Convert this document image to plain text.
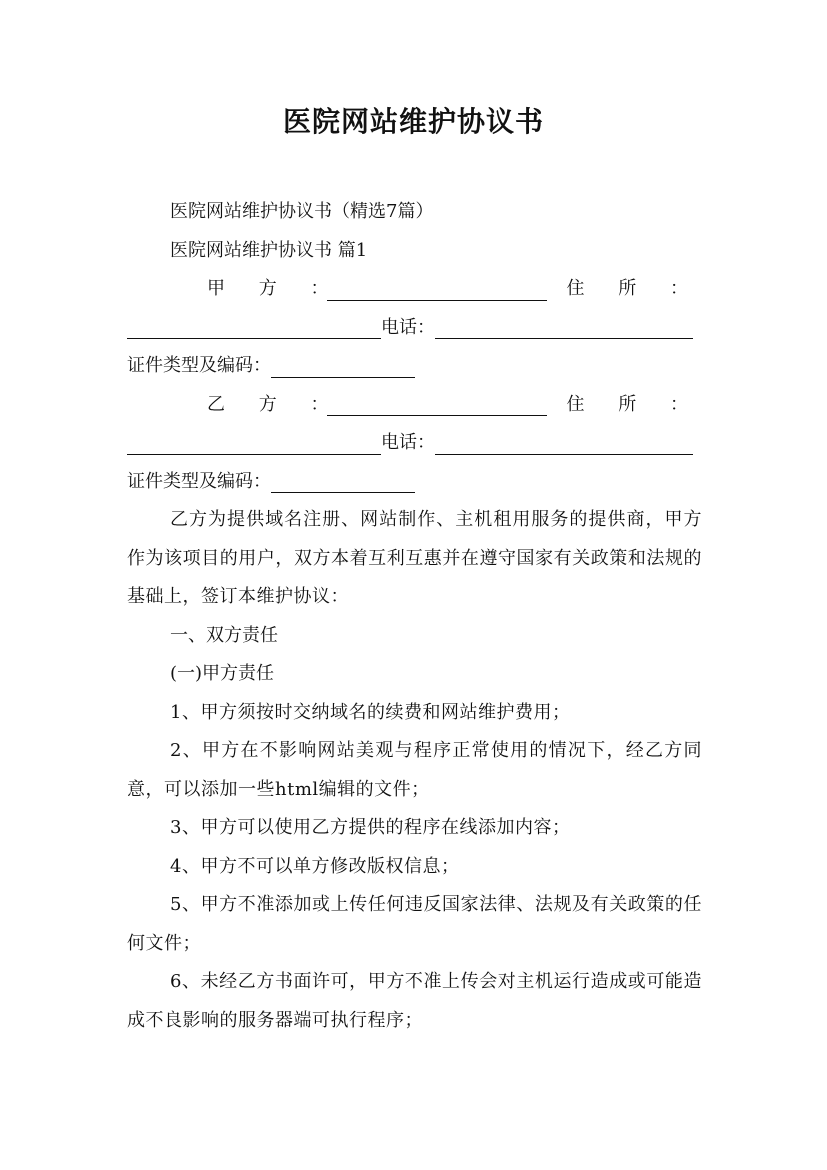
医院网站维护协议书
医院网站维护协议书（精选7篇）
医院网站维护协议书 篇1
甲 方 ：	住 所 ：
电话：
证件类型及编码：
乙 方 ：	住 所 ：
电话：
证件类型及编码：
乙方为提供域名注册、网站制作、主机租用服务的提供商，甲方作为该项目的用户，双方本着互利互惠并在遵守国家有关政策和法规的基础上，签订本维护协议：
一、双方责任
(一)甲方责任
1、甲方须按时交纳域名的续费和网站维护费用；
2、甲方在不影响网站美观与程序正常使用的情况下，经乙方同意，可以添加一些html编辑的文件；
3、甲方可以使用乙方提供的程序在线添加内容；
4、甲方不可以单方修改版权信息；
5、甲方不准添加或上传任何违反国家法律、法规及有关政策的任何文件；
6、未经乙方书面许可，甲方不准上传会对主机运行造成或可能造成不良影响的服务器端可执行程序；
